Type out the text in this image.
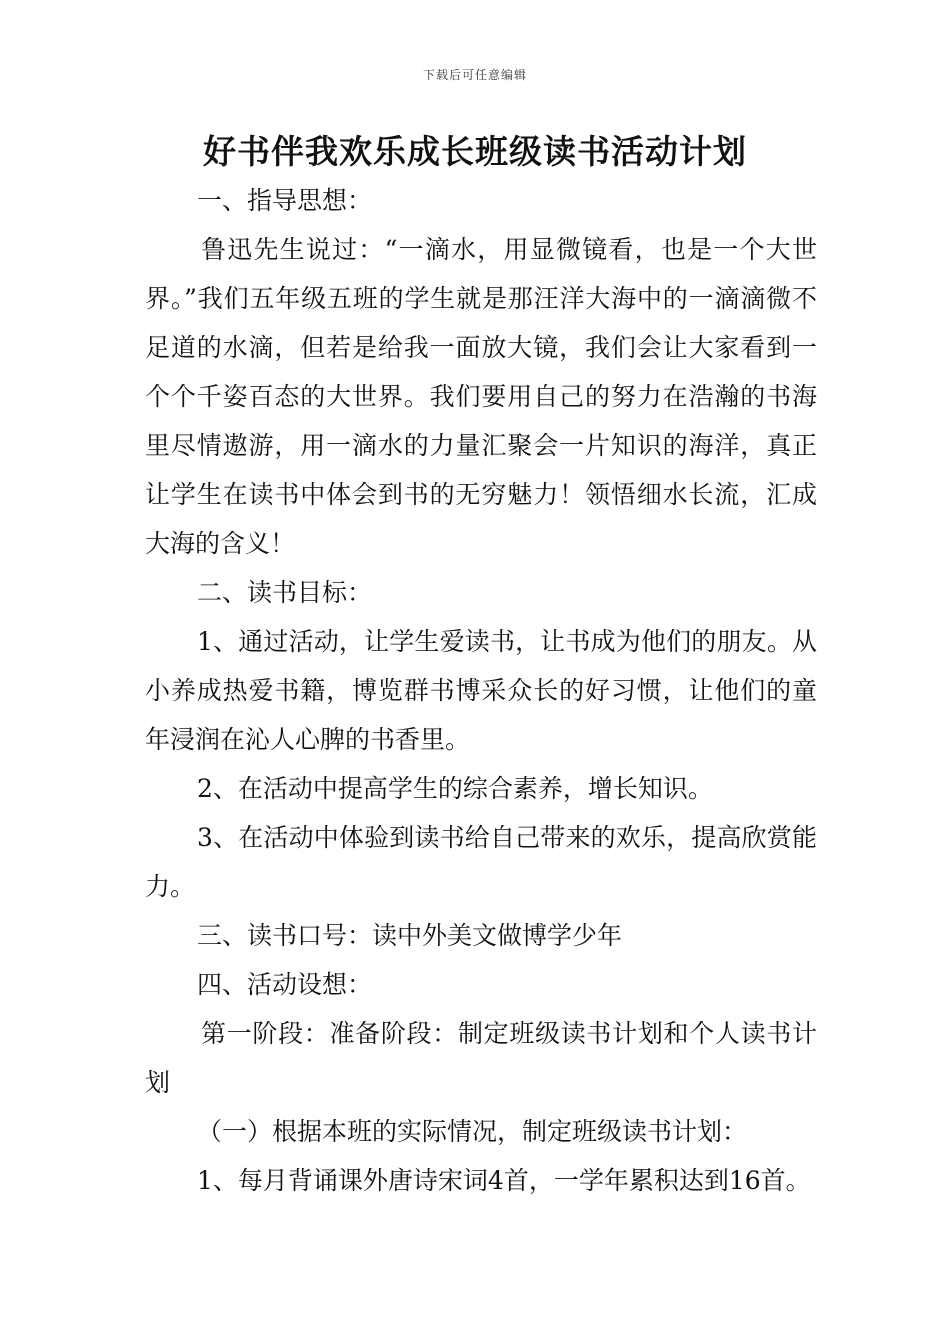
下载后可任意编辑
好书伴我欢乐成长班级读书活动计划

一、指导思想：

鲁迅先生说过：“一滴水，用显微镜看，也是一个大世界。”我们五年级五班的学生就是那汪洋大海中的一滴滴微不足道的水滴，但若是给我一面放大镜，我们会让大家看到一个个千姿百态的大世界。我们要用自己的努力在浩瀚的书海里尽情遨游，用一滴水的力量汇聚会一片知识的海洋，真正让学生在读书中体会到书的无穷魅力！领悟细水长流，汇成大海的含义！

二、读书目标：

1、通过活动，让学生爱读书，让书成为他们的朋友。从小养成热爱书籍，博览群书博采众长的好习惯，让他们的童年浸润在沁人心脾的书香里。

2、在活动中提高学生的综合素养，增长知识。

3、在活动中体验到读书给自己带来的欢乐，提高欣赏能力。

三、读书口号：读中外美文做博学少年

四、活动设想：

第一阶段：准备阶段：制定班级读书计划和个人读书计划

（一）根据本班的实际情况，制定班级读书计划：

1、每月背诵课外唐诗宋词4首，一学年累积达到16首。
